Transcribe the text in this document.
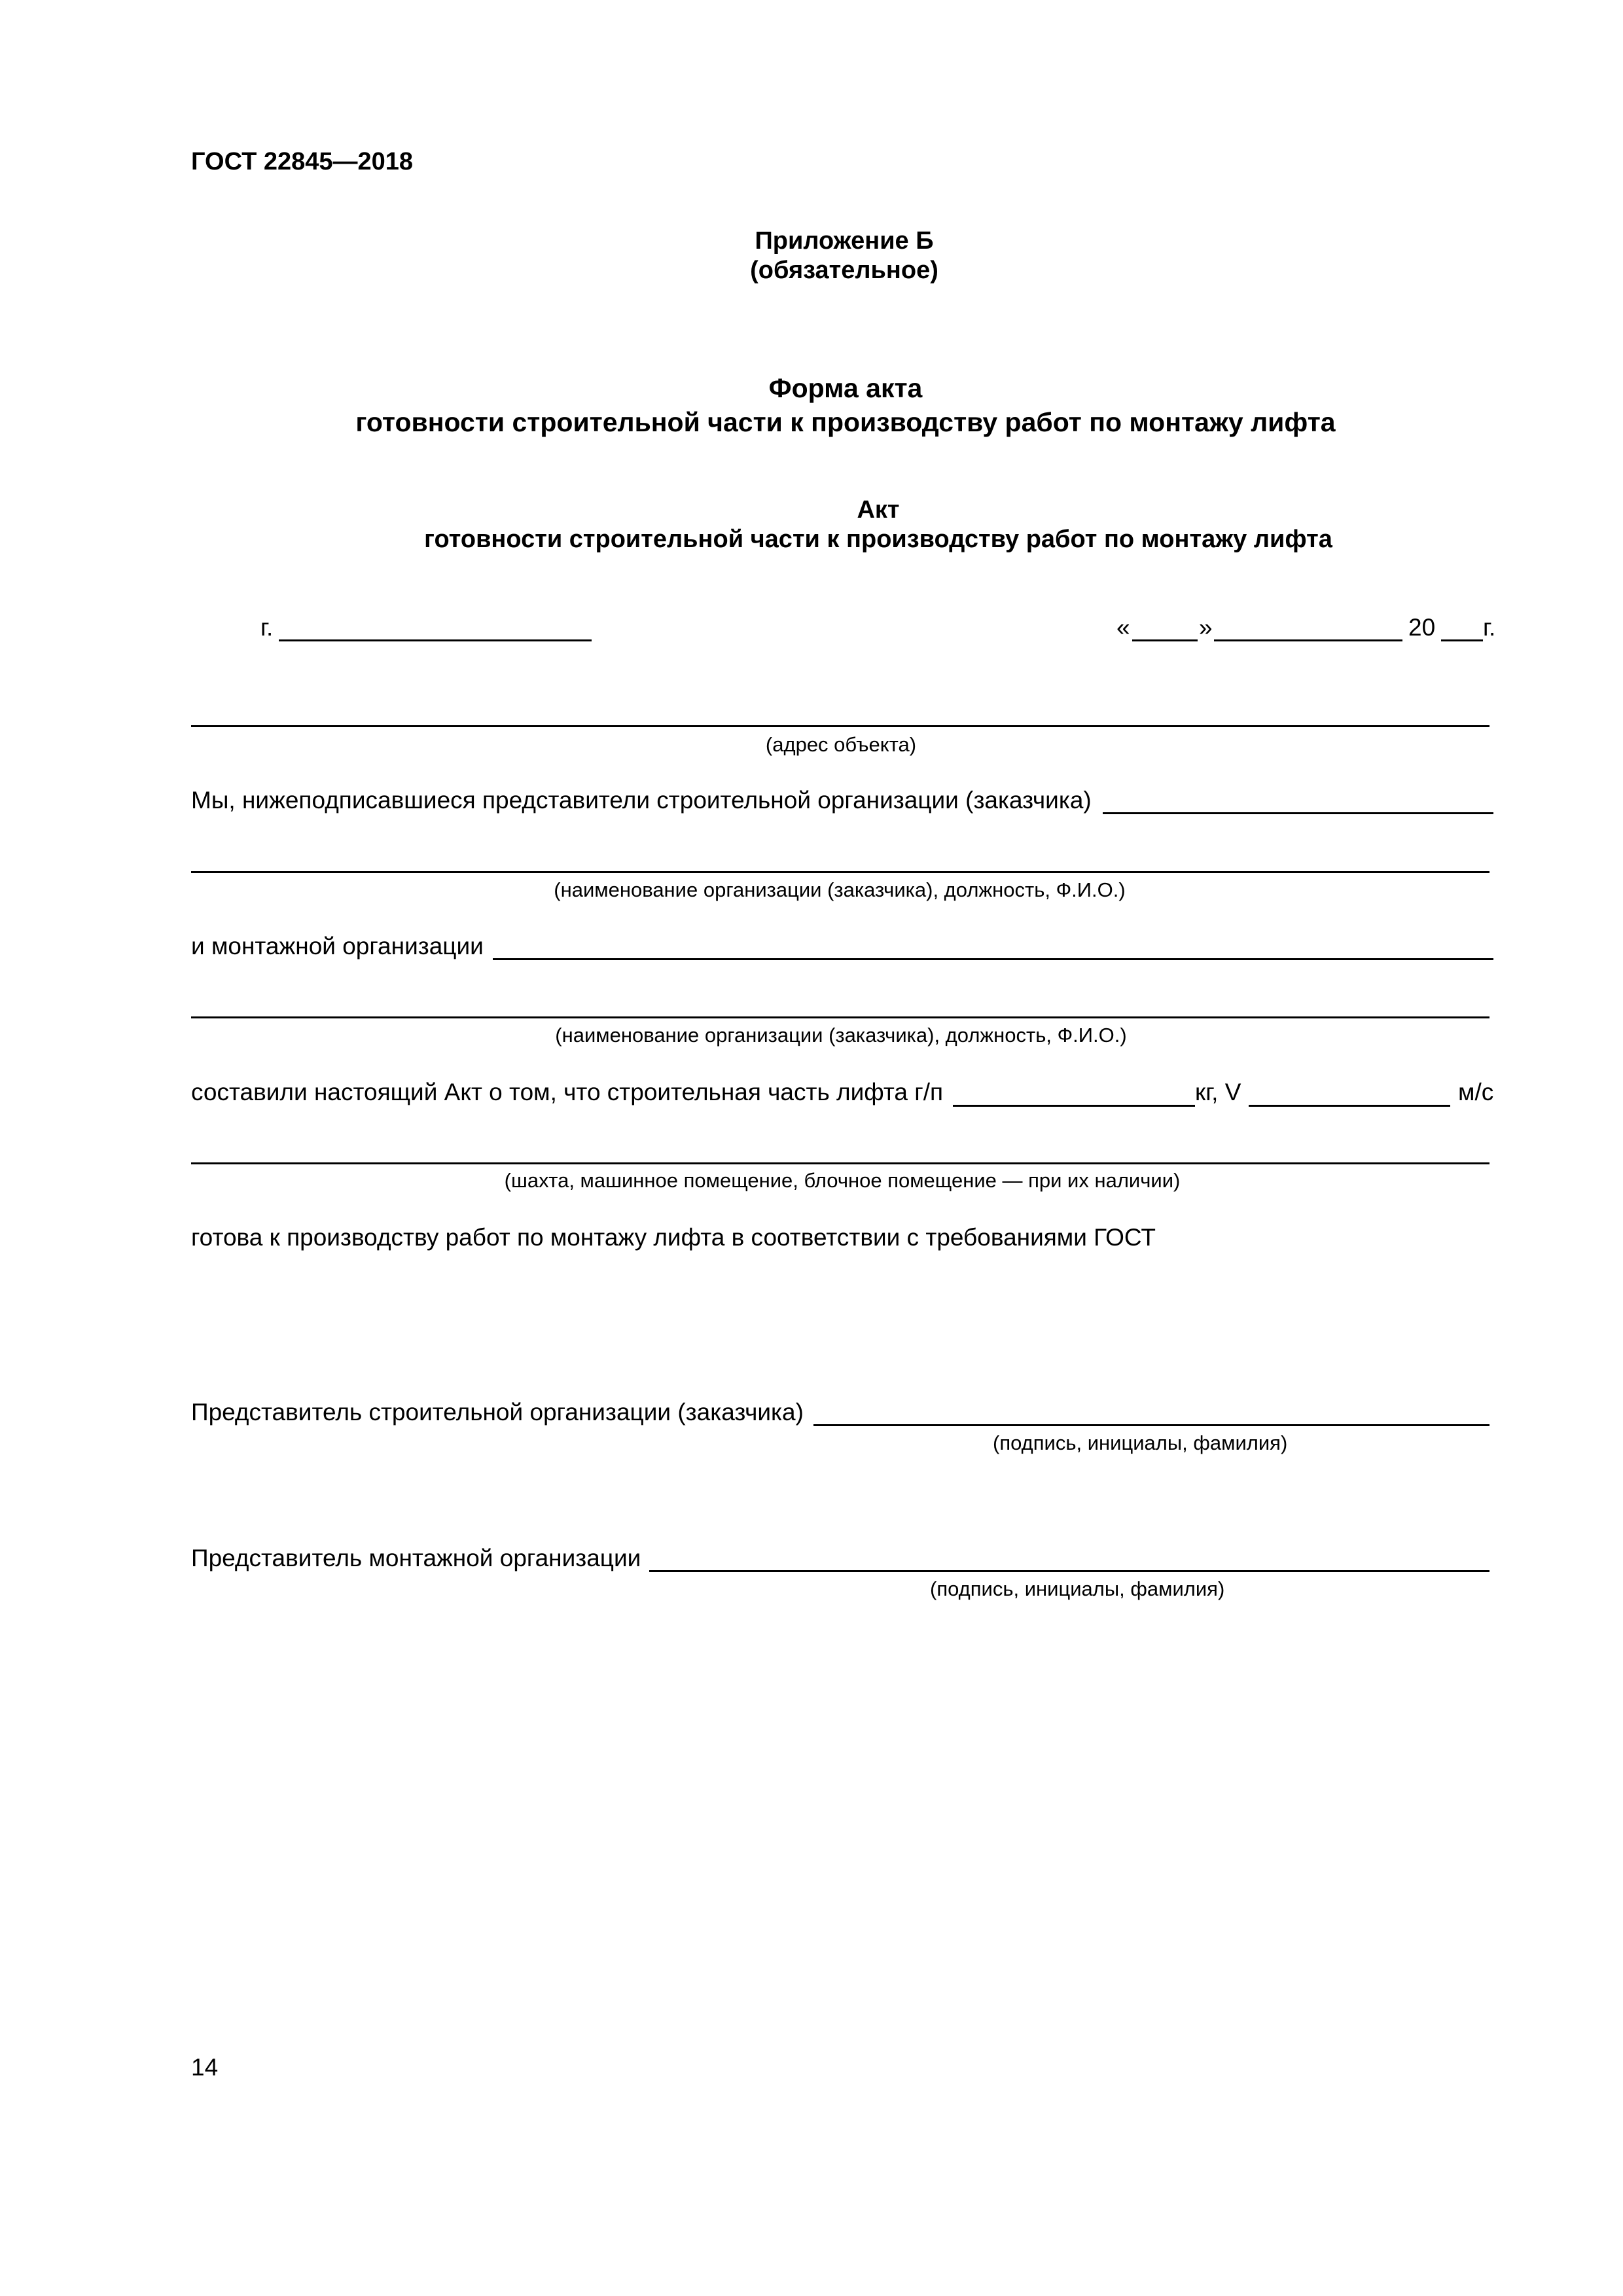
ГОСТ 22845—2018
Приложение Б
(обязательное)
Форма акта
готовности строительной части к производству работ по монтажу лифта
Акт
готовности строительной части к производству работ по монтажу лифта
г.	«	»	20 г.
(адрес объекта)
Мы, нижеподписавшиеся представители строительной организации (заказчика)
(наименование организации (заказчика), должность, Ф.И.О.)
и монтажной организации
(наименование организации (заказчика), должность, Ф.И.О.)
составили настоящий Акт о том, что строительная часть лифта г/п	кг, V	м/с
(шахта, машинное помещение, блочное помещение — при их наличии)
готова к производству работ по монтажу лифта в соответствии с требованиями ГОСТ
Представитель строительной организации (заказчика)
(подпись, инициалы, фамилия)
Представитель монтажной организации
(подпись, инициалы, фамилия)
14
